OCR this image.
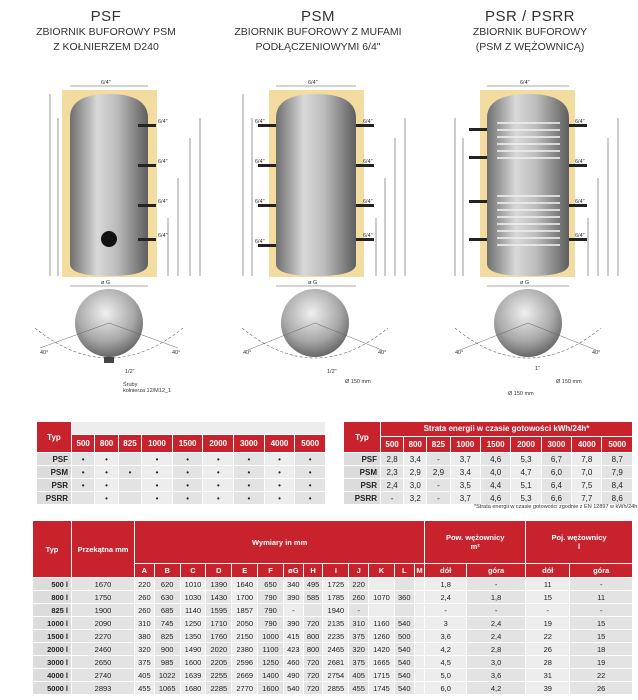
PSF
ZBIORNIK BUFOROWY PSM
Z KOŁNIERZEM D240
PSM
ZBIORNIK BUFOROWY Z MUFAMI
PODŁĄCZENIOWYMI 6/4"
PSR / PSRR
ZBIORNIK BUFOROWY
(PSM Z WĘŻOWNICĄ)
6/4"	6/4"	6/4"
ø G	ø G	ø G
6/4"
6/4"
6/4"
6/4"
6/4"
6/4"
6/4"
6/4"
6/4"
6/4"
6/4"
6/4"
6/4"
6/4"
6/4"
6/4"
40°	40°	40°	40°	40°	40°
1/2"	1/2"	1"
Ø 150 mm	Ø 150 mm
Ø 150 mm
Śruby
kołnierza 12/M12_1
Typ									
	500	800	825	1000	1500	2000	3000	4000	5000
PSF	•	•		•	•	•	•	•	•
PSM	•	•	•	•	•	•	•	•	•
PSR	•	•		•	•	•	•	•	•
PSRR		•		•	•	•	•	•	•
Typ	Strata energii w czasie gotowości kWh/24h*								
	500	800	825	1000	1500	2000	3000	4000	5000
PSF	2,8	3,4	-	3,7	4,6	5,3	6,7	7,8	8,7
PSM	2,3	2,9	2,9	3,4	4,0	4,7	6,0	7,0	7,9
PSR	2,4	3,0	-	3,5	4,4	5,1	6,4	7,5	8,4
PSRR	-	3,2	-	3,7	4,6	5,3	6,6	7,7	8,6
*Strata energii w czasie gotowości zgodnie z EN 12897 w kWh/24h
Typ	Przekątna mm	Wymiary in mm													Pow. wężownicy
m²		Poj. wężownicy
l	
		A	B	C	D	E	F	øG	H	I	J	K	L	M	dół	góra	dół	góra
500 l	1670	220	620	1010	1390	1640	650	340	495	1725	220				1,8	-	11	-
800 l	1750	260	630	1030	1430	1700	790	390	585	1785	260	1070	360		2,4	1,8	15	11
825 l	1900	260	685	1140	1595	1857	790	-		1940	-				-	-	-	-
1000 l	2090	310	745	1250	1710	2050	790	390	720	2135	310	1160	540		3	2,4	19	15
1500 l	2270	380	825	1350	1760	2150	1000	415	800	2235	375	1260	500		3,6	2,4	22	15
2000 l	2460	320	900	1490	2020	2380	1100	423	800	2465	320	1420	540		4,2	2,8	26	18
3000 l	2650	375	985	1600	2205	2596	1250	460	720	2681	375	1665	540		4,5	3,0	28	19
4000 l	2740	405	1022	1639	2255	2669	1400	490	720	2754	405	1715	540		5,0	3,6	31	22
5000 l	2893	455	1065	1680	2285	2770	1600	540	720	2855	455	1745	540		6,0	4,2	39	26
